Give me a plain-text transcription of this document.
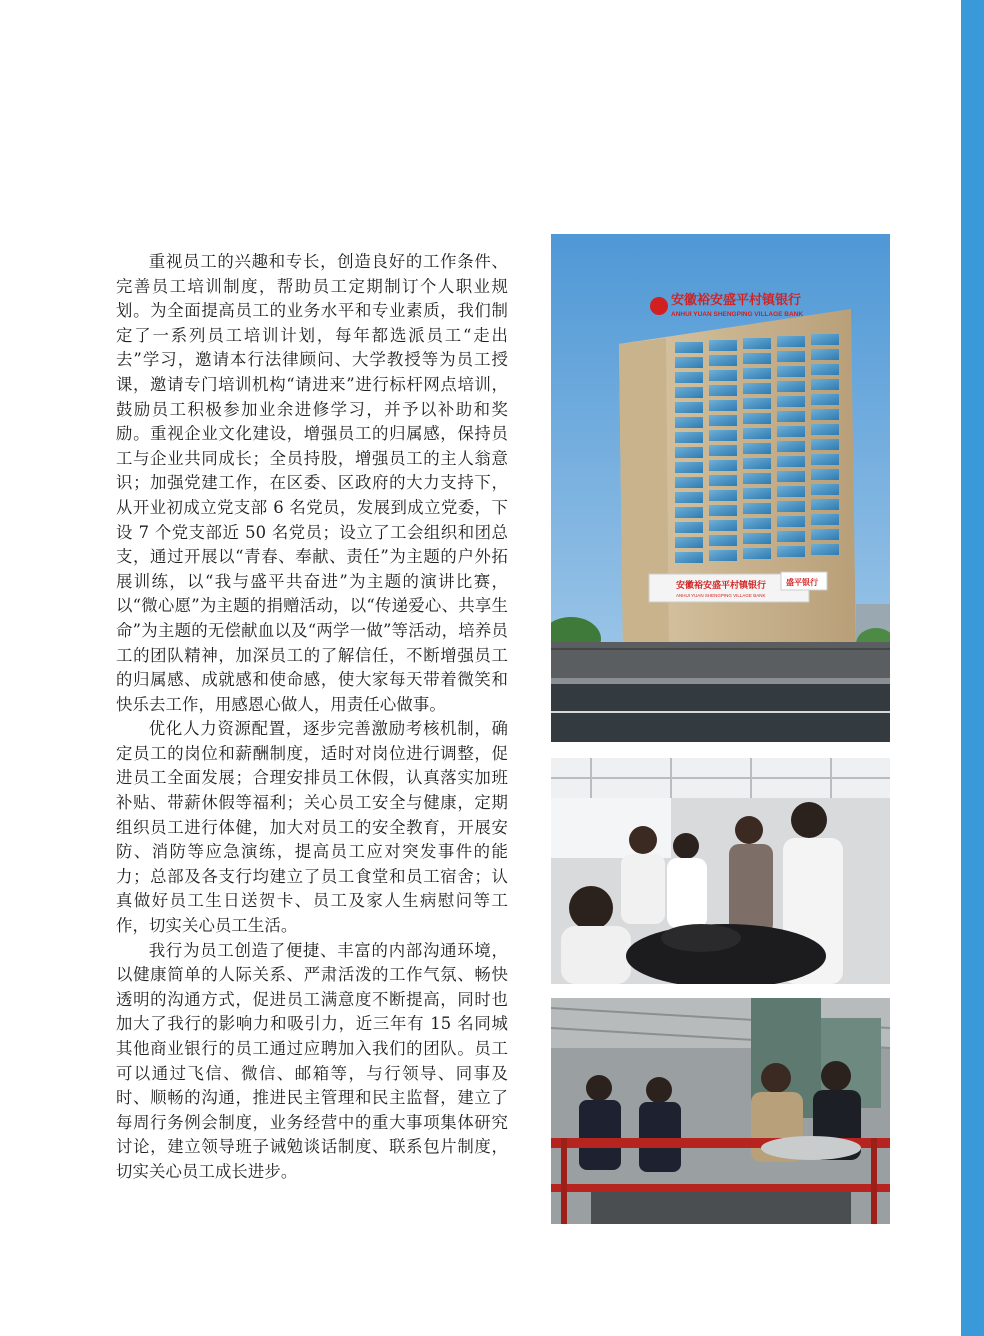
重视员工的兴趣和专长，创造良好的工作条件、完善员工培训制度，帮助员工定期制订个人职业规划。为全面提高员工的业务水平和专业素质，我们制定了一系列员工培训计划，每年都选派员工“走出去”学习，邀请本行法律顾问、大学教授等为员工授课，邀请专门培训机构“请进来”进行标杆网点培训，鼓励员工积极参加业余进修学习，并予以补助和奖励。重视企业文化建设，增强员工的归属感，保持员工与企业共同成长；全员持股，增强员工的主人翁意识；加强党建工作，在区委、区政府的大力支持下，从开业初成立党支部 6 名党员，发展到成立党委，下设 7 个党支部近 50 名党员；设立了工会组织和团总支，通过开展以“青春、奉献、责任”为主题的户外拓展训练，以“我与盛平共奋进”为主题的演讲比赛，以“微心愿”为主题的捐赠活动，以“传递爱心、共享生命”为主题的无偿献血以及“两学一做”等活动，培养员工的团队精神，加深员工的了解信任，不断增强员工的归属感、成就感和使命感，使大家每天带着微笑和快乐去工作，用感恩心做人，用责任心做事。

优化人力资源配置，逐步完善激励考核机制，确定员工的岗位和薪酬制度，适时对岗位进行调整，促进员工全面发展；合理安排员工休假，认真落实加班补贴、带薪休假等福利；关心员工安全与健康，定期组织员工进行体健，加大对员工的安全教育，开展安防、消防等应急演练，提高员工应对突发事件的能力；总部及各支行均建立了员工食堂和员工宿舍；认真做好员工生日送贺卡、员工及家人生病慰问等工作，切实关心员工生活。

我行为员工创造了便捷、丰富的内部沟通环境，以健康简单的人际关系、严肃活泼的工作气氛、畅快透明的沟通方式，促进员工满意度不断提高，同时也加大了我行的影响力和吸引力，近三年有 15 名同城其他商业银行的员工通过应聘加入我们的团队。员工可以通过飞信、微信、邮箱等，与行领导、同事及时、顺畅的沟通，推进民主管理和民主监督，建立了每周行务例会制度，业务经营中的重大事项集体研究讨论，建立领导班子诫勉谈话制度、联系包片制度，切实关心员工成长进步。

安徽裕安盛平村镇银行
ANHUI YUAN SHENGPING VILLAGE BANK
安徽裕安盛平村镇银行
ANHUI YUAN SHENGPING VILLAGE BANK
盛平银行
